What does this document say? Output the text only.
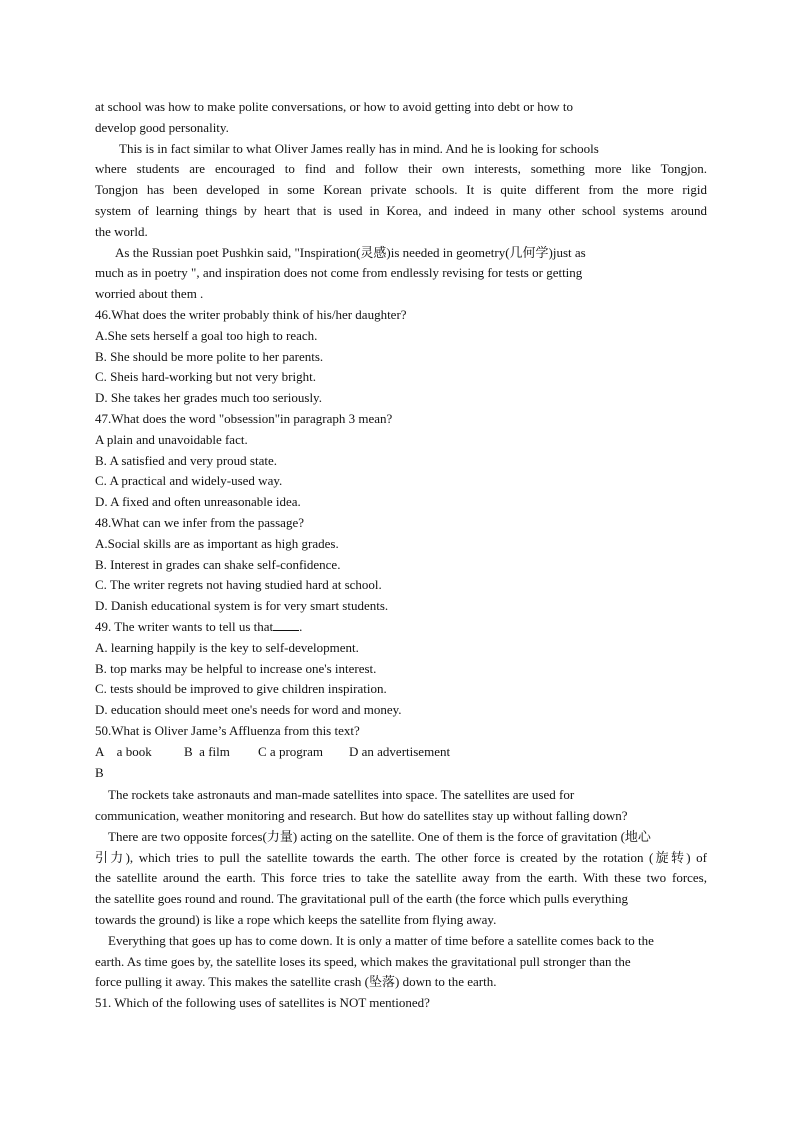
at school was how to make polite conversations, or how to avoid getting into debt or how to

develop good personality.

This is in fact similar to what Oliver James really has in mind. And he is looking for schools

where students are encouraged to find and follow their own interests, something more like Tongjon.

Tongjon has been developed in some Korean private schools. It is quite different from the more rigid

system of learning things by heart that is used in Korea, and indeed in many other school systems around

the world.

As the Russian poet Pushkin said, "Inspiration(灵感)is needed in geometry(几何学)just as

much as in poetry ", and inspiration does not come from endlessly revising for tests or getting

worried about them .

46.What does the writer probably think of his/her daughter?

A.She sets herself a goal too high to reach.

B. She should be more polite to her parents.

C. Sheis hard-working but not very bright.

D. She takes her grades much too seriously.

47.What does the word "obsession"in paragraph 3 mean?

A plain and unavoidable fact.

B. A satisfied and very proud state.

C. A practical and widely-used way.

D. A fixed and often unreasonable idea.

48.What can we infer from the passage?

A.Social skills are as important as high grades.

B. Interest in grades can shake self-confidence.

C. The writer regrets not having studied hard at school.

D. Danish educational system is for very smart students.

49. The writer wants to tell us that .

A. learning happily is the key to self-development.

B. top marks may be helpful to increase one's interest.

C. tests should be improved to give children inspiration.

D. education should meet one's needs for word and money.

50.What is Oliver Jame’s Affluenza from this text?

A    a book B  a film C a program D an advertisement

B

The rockets take astronauts and man-made satellites into space. The satellites are used for

communication, weather monitoring and research. But how do satellites stay up without falling down?

There are two opposite forces(力量) acting on the satellite. One of them is the force of gravitation (地心

引力), which tries to pull the satellite towards the earth. The other force is created by the rotation (旋转) of

the satellite around the earth. This force tries to take the satellite away from the earth. With these two forces,

the satellite goes round and round. The gravitational pull of the earth (the force which pulls everything

towards the ground) is like a rope which keeps the satellite from flying away.

Everything that goes up has to come down. It is only a matter of time before a satellite comes back to the

earth. As time goes by, the satellite loses its speed, which makes the gravitational pull stronger than the

force pulling it away. This makes the satellite crash (坠落) down to the earth.

51. Which of the following uses of satellites is NOT mentioned?
